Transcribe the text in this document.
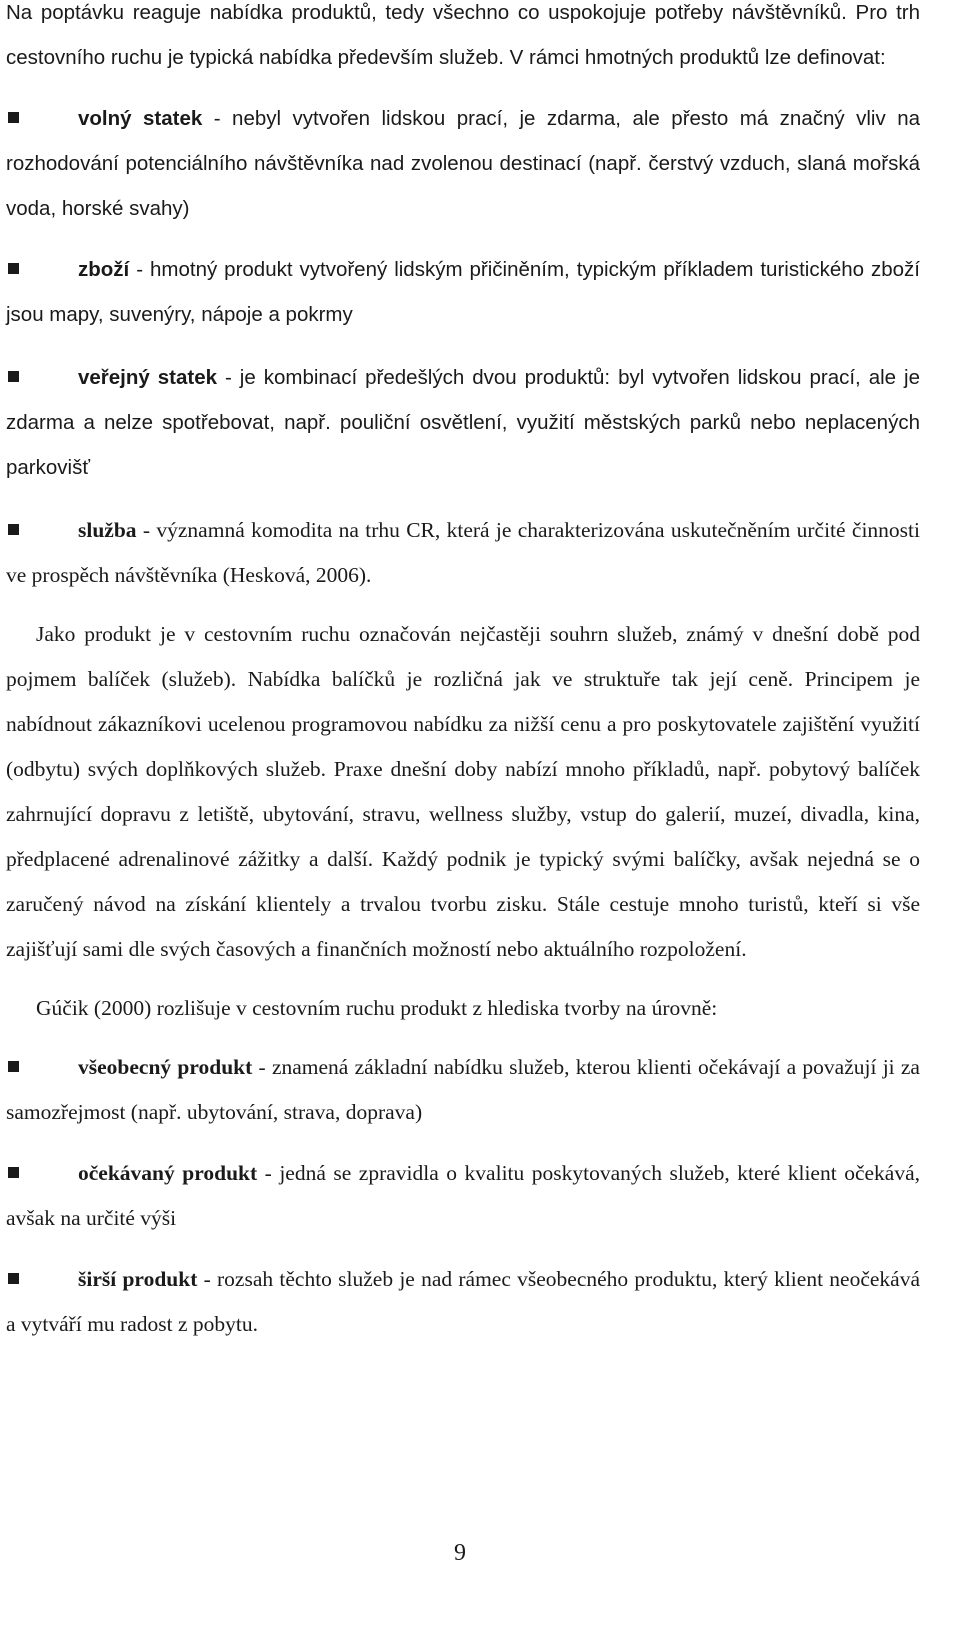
Na poptávku reaguje nabídka produktů, tedy všechno co uspokojuje potřeby návštěvníků. Pro trh cestovního ruchu je typická nabídka především služeb. V rámci hmotných produktů lze definovat:

volný statek - nebyl vytvořen lidskou prací, je zdarma, ale přesto má značný vliv na rozhodování potenciálního návštěvníka nad zvolenou destinací (např. čerstvý vzduch, slaná mořská voda, horské svahy)

zboží - hmotný produkt vytvořený lidským přičiněním, typickým příkladem turistického zboží jsou mapy, suvenýry, nápoje a pokrmy

veřejný statek - je kombinací předešlých dvou produktů: byl vytvořen lidskou prací, ale je zdarma a nelze spotřebovat, např. pouliční osvětlení, využití městských parků nebo neplacených parkovišť

služba - významná komodita na trhu CR, která je charakterizována uskutečněním určité činnosti ve prospěch návštěvníka (Hesková, 2006).

Jako produkt je v cestovním ruchu označován nejčastěji souhrn služeb, známý v dnešní době pod pojmem balíček (služeb). Nabídka balíčků je rozličná jak ve struktuře tak její ceně. Principem je nabídnout zákazníkovi ucelenou programovou nabídku za nižší cenu a pro poskytovatele zajištění využití (odbytu) svých doplňkových služeb. Praxe dnešní doby nabízí mnoho příkladů, např. pobytový balíček zahrnující dopravu z letiště, ubytování, stravu, wellness služby, vstup do galerií, muzeí, divadla, kina, předplacené adrenalinové zážitky a další. Každý podnik je typický svými balíčky, avšak nejedná se o zaručený návod na získání klientely a trvalou tvorbu zisku. Stále cestuje mnoho turistů, kteří si vše zajišťují sami dle svých časových a finančních možností nebo aktuálního rozpoložení.

Gúčik (2000) rozlišuje v cestovním ruchu produkt z hlediska tvorby na úrovně:

všeobecný produkt - znamená základní nabídku služeb, kterou klienti očekávají a považují ji za samozřejmost (např. ubytování, strava, doprava)

očekávaný produkt - jedná se zpravidla o kvalitu poskytovaných služeb, které klient očekává, avšak na určité výši

širší produkt - rozsah těchto služeb je nad rámec všeobecného produktu, který klient neočekává a vytváří mu radost z pobytu.

9
